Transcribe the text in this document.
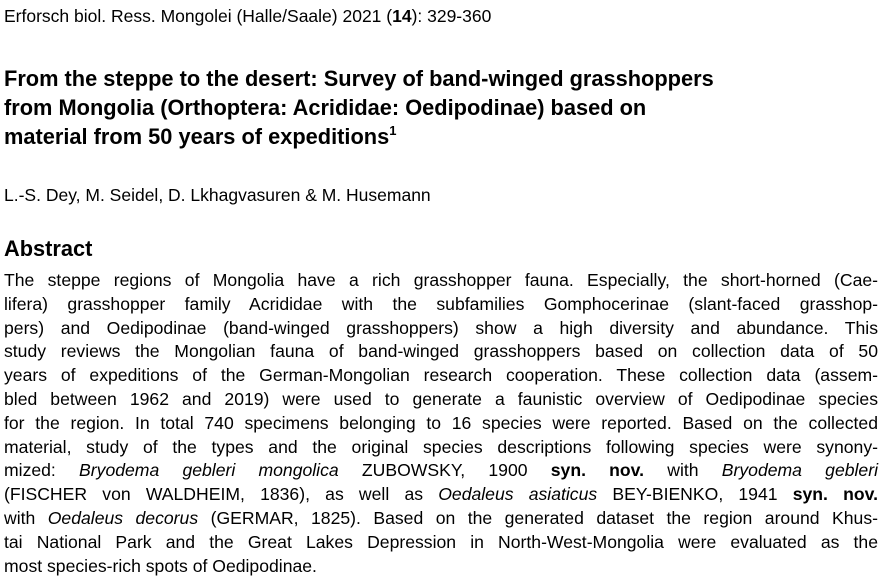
Erforsch biol. Ress. Mongolei (Halle/Saale) 2021 (14): 329-360
From the steppe to the desert: Survey of band-winged grasshoppers
from Mongolia (Orthoptera: Acrididae: Oedipodinae) based on
material from 50 years of expeditions$^1$
L.-S. Dey, M. Seidel, D. Lkhagvasuren & M. Husemann
Abstract
The steppe regions of Mongolia have a rich grasshopper fauna. Especially, the short-horned (Cae-
lifera) grasshopper family Acrididae with the subfamilies Gomphocerinae (slant-faced grasshop-
pers) and Oedipodinae (band-winged grasshoppers) show a high diversity and abundance. This
study reviews the Mongolian fauna of band-winged grasshoppers based on collection data of 50
years of expeditions of the German-Mongolian research cooperation. These collection data (assem-
bled between 1962 and 2019) were used to generate a faunistic overview of Oedipodinae species
for the region. In total 740 specimens belonging to 16 species were reported. Based on the collected
material, study of the types and the original species descriptions following species were synony-
mized: Bryodema gebleri mongolica ZUBOWSKY, 1900 syn. nov. with Bryodema gebleri
(FISCHER von WALDHEIM, 1836), as well as Oedaleus asiaticus BEY-BIENKO, 1941 syn. nov.
with Oedaleus decorus (GERMAR, 1825). Based on the generated dataset the region around Khus-
tai National Park and the Great Lakes Depression in North-West-Mongolia were evaluated as the
most species-rich spots of Oedipodinae.
